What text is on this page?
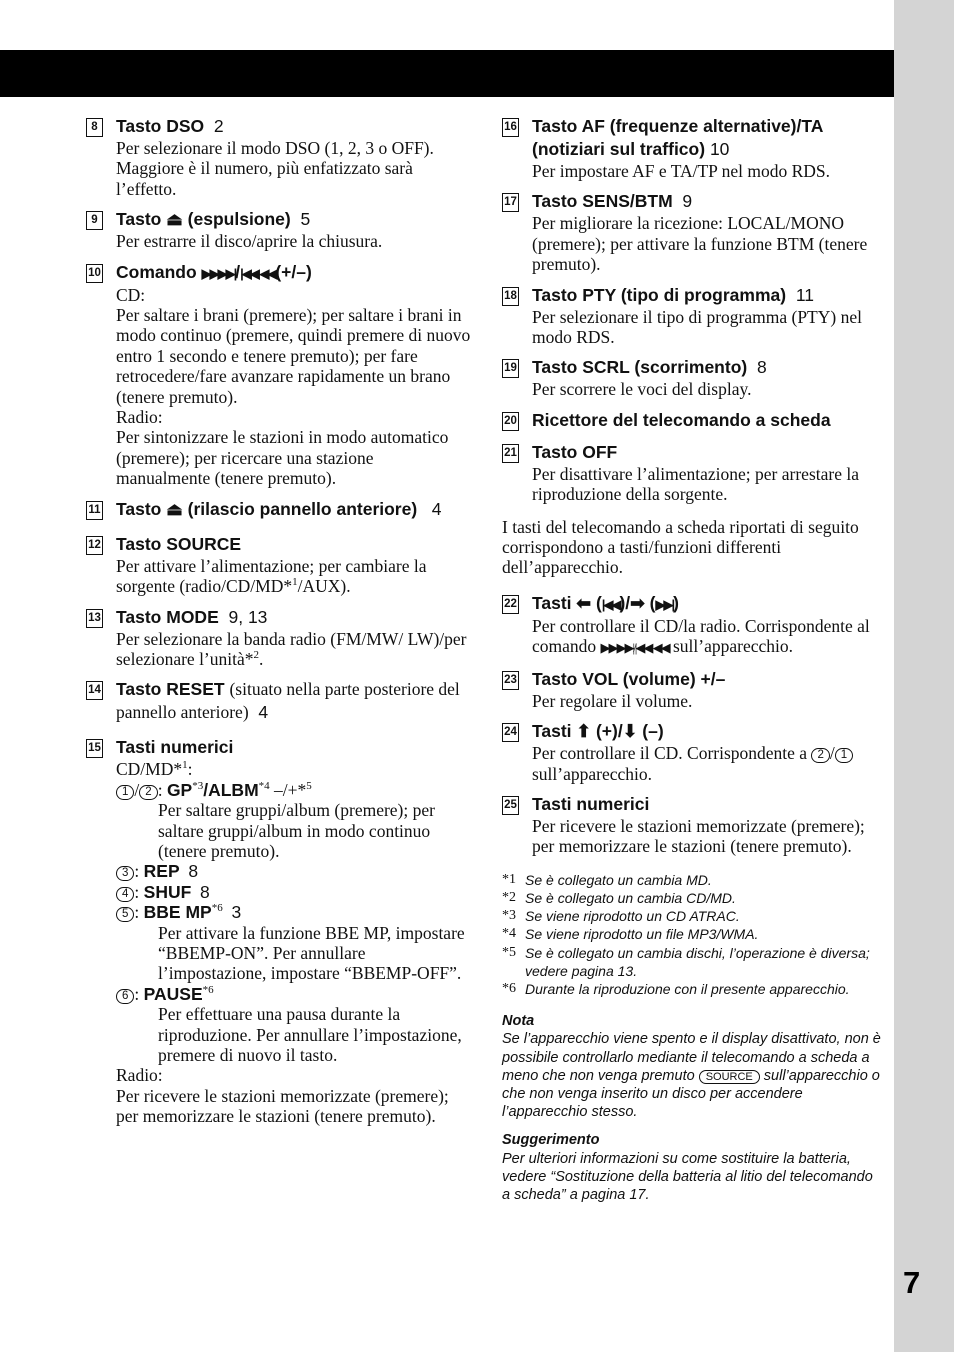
7
8	Tasto DSO 2
Per selezionare il modo DSO (1, 2, 3 o OFF). Maggiore è il numero, più enfatizzato sarà l’effetto.
9	Tasto ⏏ (espulsione) 5
Per estrarre il disco/aprire la chiusura.
10 Comando ▶▶▶▶|/|◀◀ ◀◀(+/–)
CD:
Per saltare i brani (premere); per saltare i brani in modo continuo (premere, quindi premere di nuovo entro 1 secondo e tenere premuto); per fare retrocedere/fare avanzare rapidamente un brano (tenere premuto).
Radio:
Per sintonizzare le stazioni in modo automatico (premere); per ricercare una stazione manualmente (tenere premuto).
11 Tasto ⏏ (rilascio pannello anteriore) 4
12 Tasto SOURCE
Per attivare l’alimentazione; per cambiare la sorgente (radio/CD/MD*$^1$/AUX).
13 Tasto MODE 9, 13
Per selezionare la banda radio (FM/MW/ LW)/per selezionare l’unità*$^2$.
14 Tasto RESET (situato nella parte posteriore del pannello anteriore) 4
15 Tasti numerici
CD/MD*$^1$:
1 / 2 : GP$^{*3}$/ALBM$^{*4}$ –/+*$^5$
Per saltare gruppi/album (premere); per saltare gruppi/album in modo continuo (tenere premuto).
3 : REP 8
4 : SHUF 8
5 : BBE MP$^{*6}$ 3
Per attivare la funzione BBE MP, impostare “BBEMP-ON”. Per annullare l’impostazione, impostare “BBEMP-OFF”.
6 : PAUSE$^{*6}$
Per effettuare una pausa durante la riproduzione. Per annullare l’impostazione, premere di nuovo il tasto.
Radio:
Per ricevere le stazioni memorizzate (premere); per memorizzare le stazioni (tenere premuto).
16 Tasto AF (frequenze alternative)/TA (notiziari sul traffico) 10
Per impostare AF e TA/TP nel modo RDS.
17 Tasto SENS/BTM 9
Per migliorare la ricezione: LOCAL/MONO (premere); per attivare la funzione BTM (tenere premuto).
18 Tasto PTY (tipo di programma) 11
Per selezionare il tipo di programma (PTY) nel modo RDS.
19 Tasto SCRL (scorrimento) 8
Per scorrere le voci del display.
20 Ricettore del telecomando a scheda
21 Tasto OFF
Per disattivare l’alimentazione; per arrestare la riproduzione della sorgente.
I tasti del telecomando a scheda riportati di seguito corrispondono a tasti/funzioni differenti dell’apparecchio.
22 Tasti ⬅ (|◀◀)/➡ (▶▶|)
Per controllare il CD/la radio. Corrispondente al comando ▶▶▶▶|/|◀◀ ◀◀ sull’apparecchio.
23 Tasto VOL (volume) +/–
Per regolare il volume.
24 Tasti ⬆ (+)/⬇ (–)
Per controllare il CD. Corrispondente a 2 / 1 sull’apparecchio.
25 Tasti numerici
Per ricevere le stazioni memorizzate (premere); per memorizzare le stazioni (tenere premuto).
*1 Se è collegato un cambia MD.
*2 Se è collegato un cambia CD/MD.
*3 Se viene riprodotto un CD ATRAC.
*4 Se viene riprodotto un file MP3/WMA.
*5 Se è collegato un cambia dischi, l’operazione è diversa; vedere pagina 13.
*6 Durante la riproduzione con il presente apparecchio.
Nota
Se l’apparecchio viene spento e il display disattivato, non è possibile controllarlo mediante il telecomando a scheda a meno che non venga premuto SOURCE sull’apparecchio o che non venga inserito un disco per accendere l’apparecchio stesso.
Suggerimento
Per ulteriori informazioni su come sostituire la batteria, vedere “Sostituzione della batteria al litio del telecomando a scheda” a pagina 17.
